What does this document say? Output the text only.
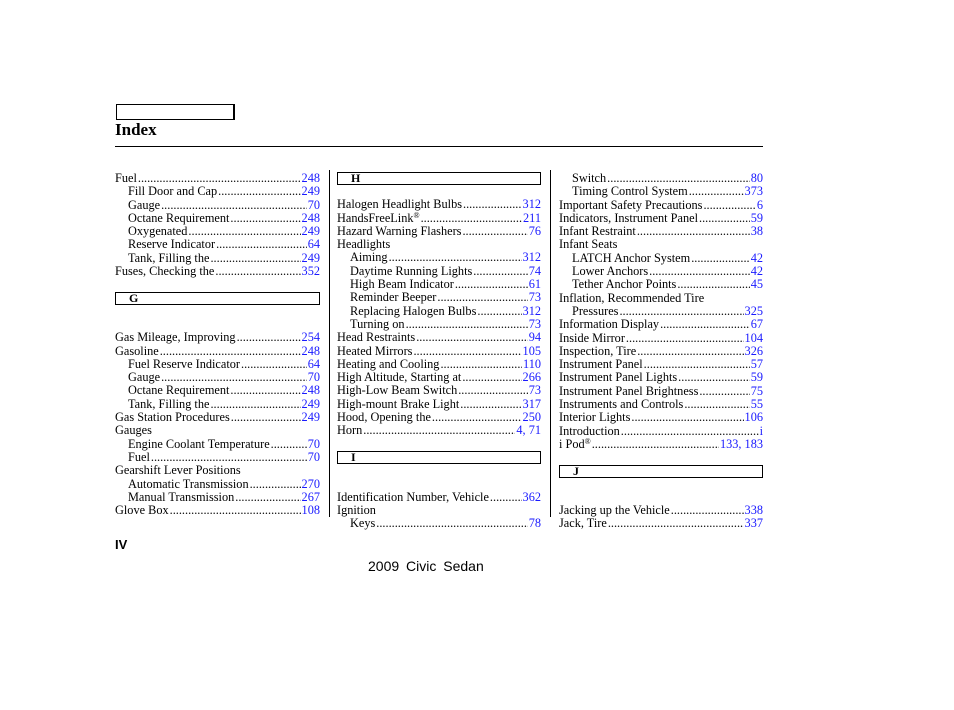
Index
Fuel .....	248
Fill Door and Cap .....	249
Gauge .....	70
Octane Requirement .....	248
Oxygenated .....	249
Reserve Indicator .....	64
Tank, Filling the .....	249
Fuses, Checking the .....	352
G
Gas Mileage, Improving .....	254
Gasoline .....	248
Fuel Reserve Indicator .....	64
Gauge .....	70
Octane Requirement .....	248
Tank, Filling the .....	249
Gas Station Procedures .....	249
Gauges
Engine Coolant Temperature .....	70
Fuel .....	70
Gearshift Lever Positions
Automatic Transmission .....	270
Manual Transmission .....	267
Glove Box .....	108
H
Halogen Headlight Bulbs .....	312
HandsFreeLink® .....	211
Hazard Warning Flashers .....	76
Headlights
Aiming .....	312
Daytime Running Lights .....	74
High Beam Indicator .....	61
Reminder Beeper .....	73
Replacing Halogen Bulbs .....	312
Turning on .....	73
Head Restraints .....	94
Heated Mirrors .....	105
Heating and Cooling .....	110
High Altitude, Starting at .....	266
High-Low Beam Switch .....	73
High-mount Brake Light .....	317
Hood, Opening the .....	250
Horn .....	4, 71
I
Identification Number, Vehicle .....	362
Ignition
Keys .....	78
Switch .....	80
Timing Control System .....	373
Important Safety Precautions .....	6
Indicators, Instrument Panel .....	59
Infant Restraint .....	38
Infant Seats
LATCH Anchor System .....	42
Lower Anchors .....	42
Tether Anchor Points .....	45
Inflation, Recommended Tire
Pressures .....	325
Information Display .....	67
Inside Mirror .....	104
Inspection, Tire .....	326
Instrument Panel .....	57
Instrument Panel Lights .....	59
Instrument Panel Brightness .....	75
Instruments and Controls .....	55
Interior Lights .....	106
Introduction .....	i
i Pod® .....	133, 183
J
Jacking up the Vehicle .....	338
Jack, Tire .....	337
IV
2009 Civic Sedan
